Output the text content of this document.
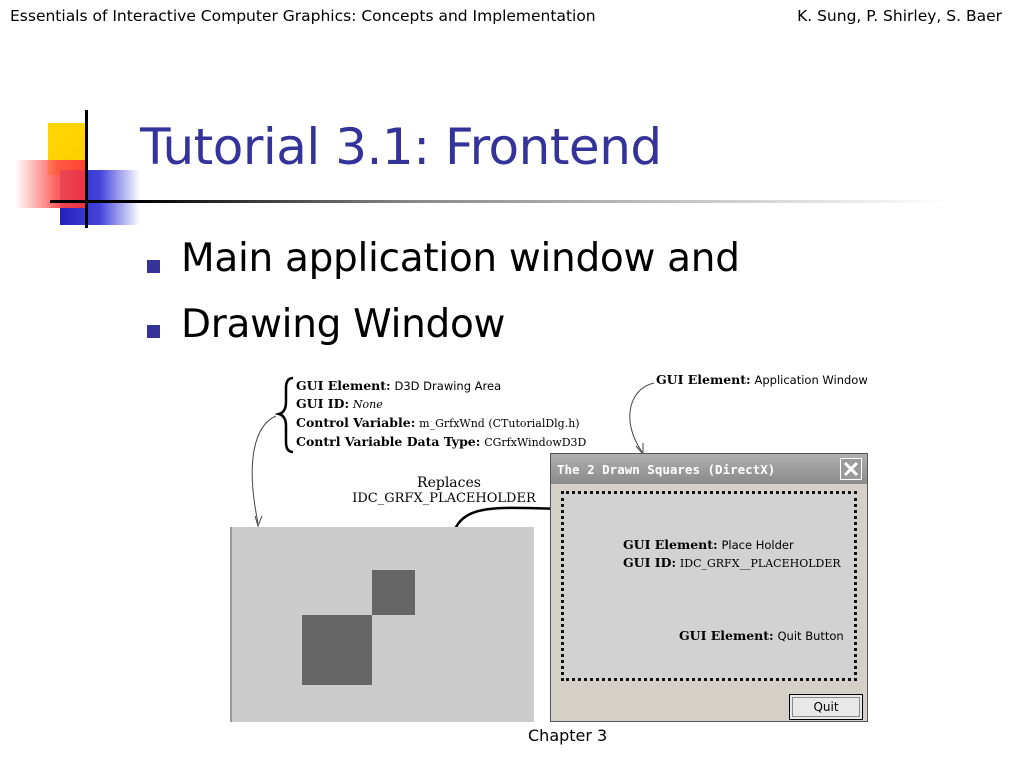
Essentials of Interactive Computer Graphics: Concepts and Implementation	K. Sung, P. Shirley, S. Baer
Tutorial 3.1: Frontend
Main application window and
Drawing Window
Chapter 3
GUI Element: D3D Drawing Area
GUI ID: None
Control Variable: m_GrfxWnd (CTutorialDlg.h)
Contrl Variable Data Type: CGrfxWindowD3D
GUI Element: Application Window
Replaces
IDC_GRFX_PLACEHOLDER
The 2 Drawn Squares (DirectX)
Quit
GUI Element: Place Holder
GUI ID: IDC_GRFX__PLACEHOLDER
GUI Element: Quit Button
